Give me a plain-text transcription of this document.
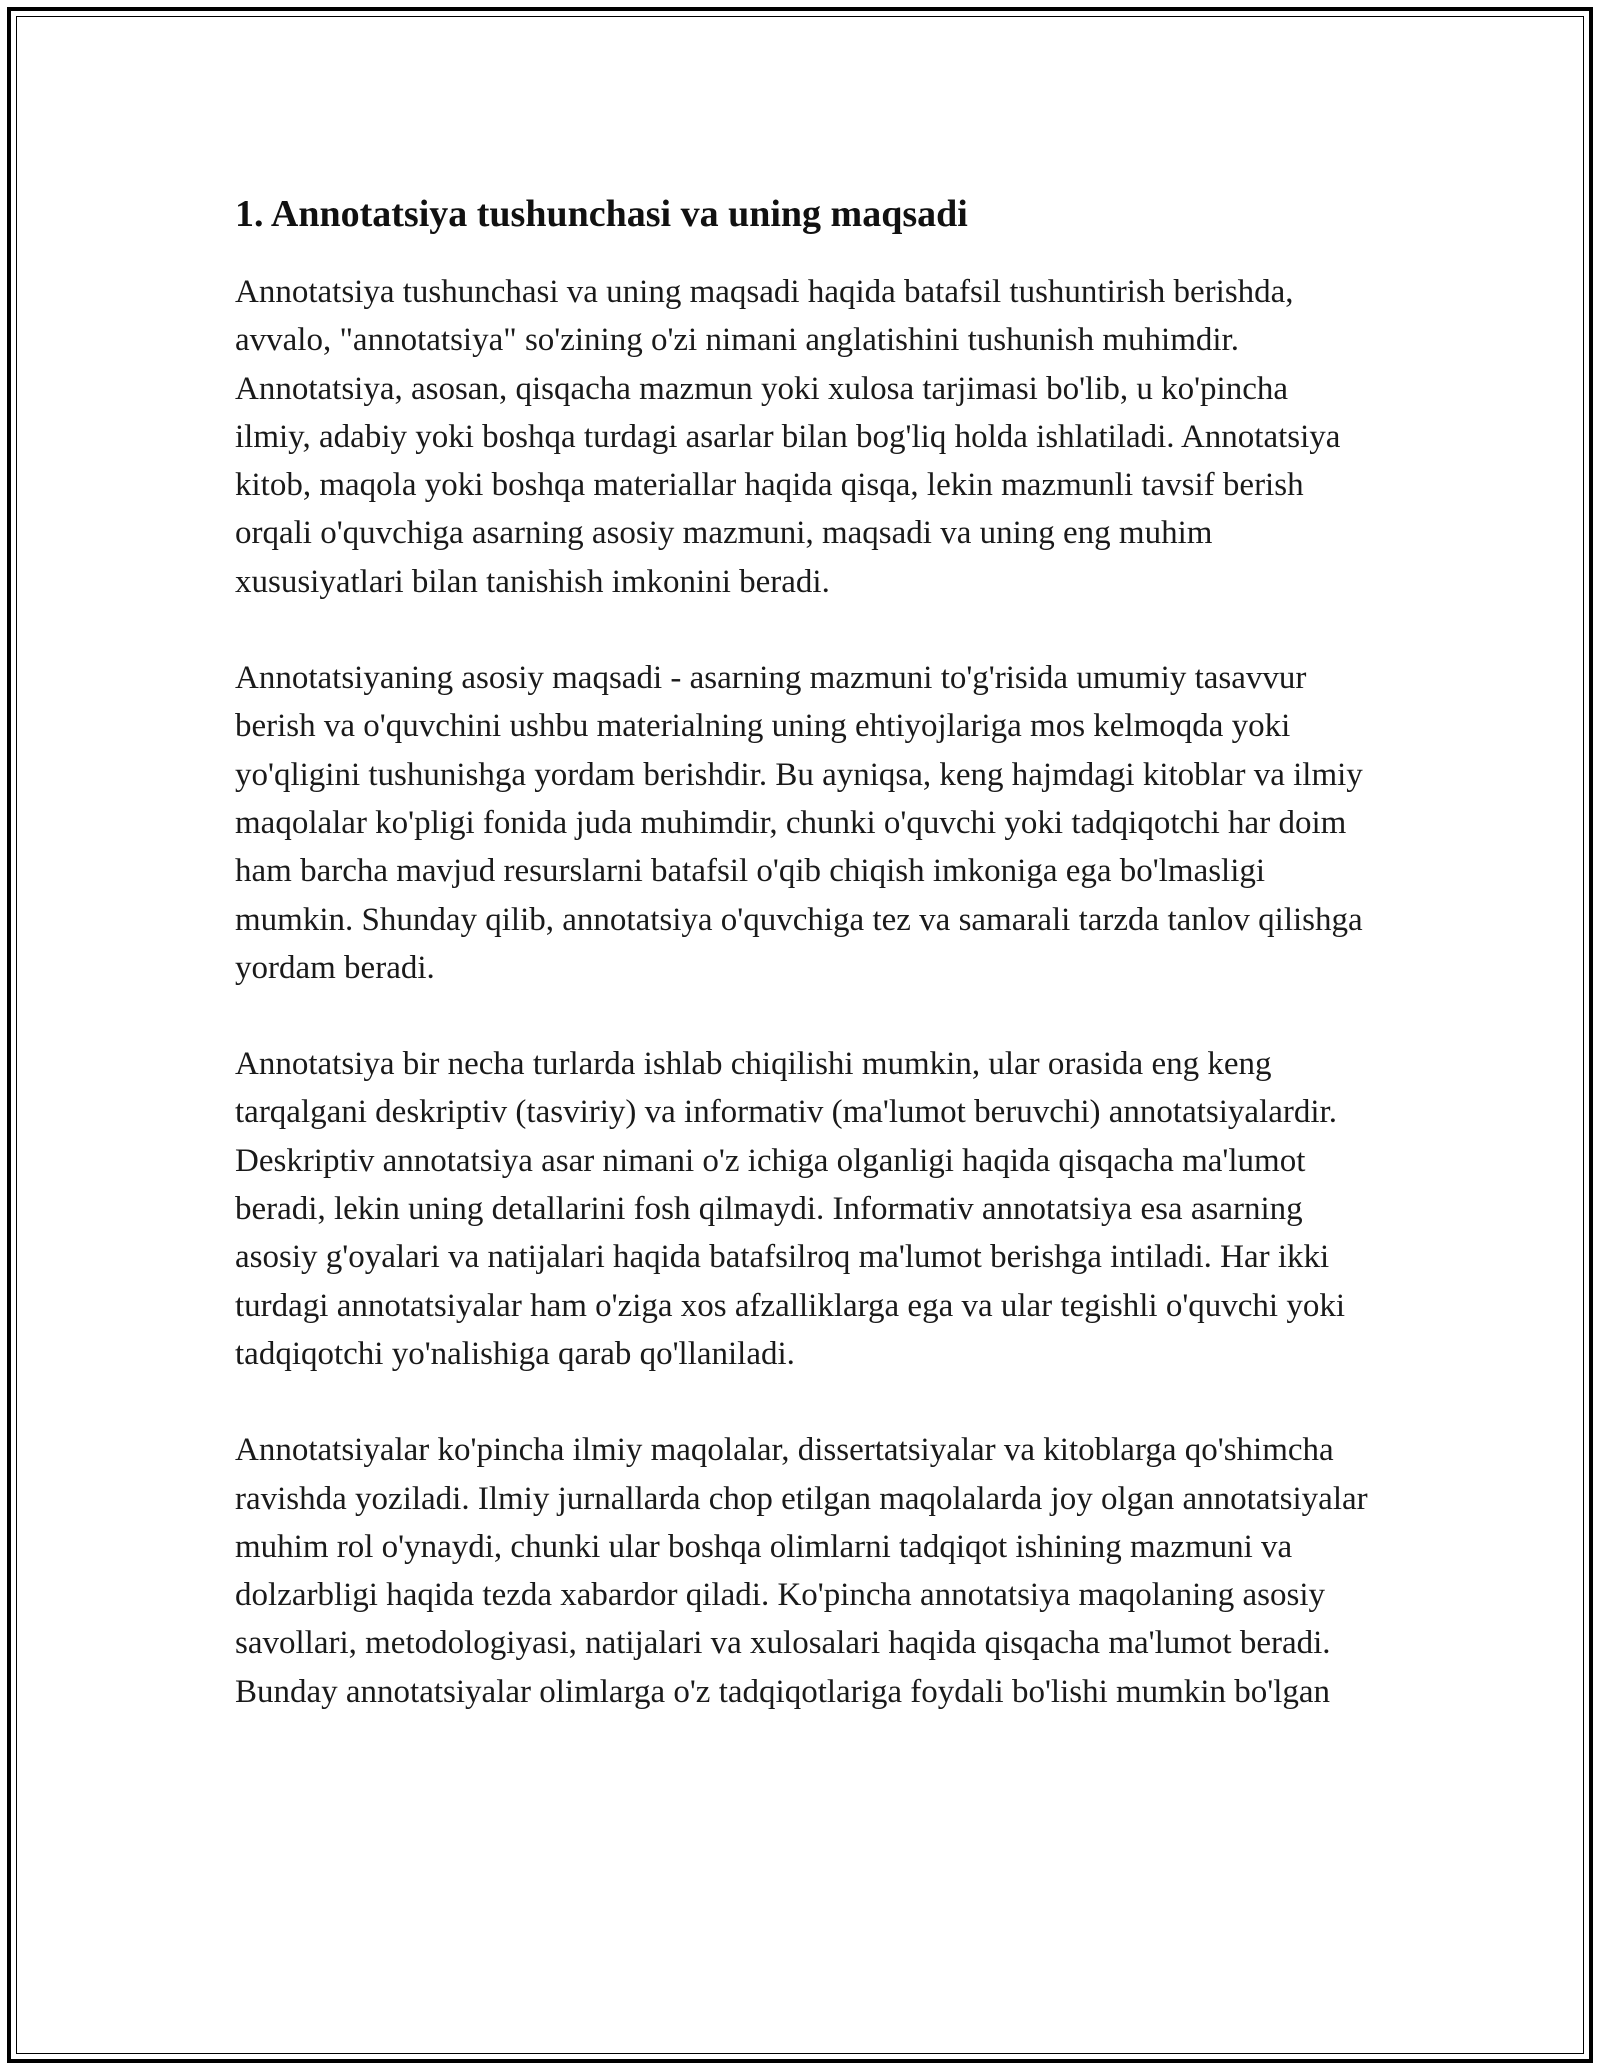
1. Annotatsiya tushunchasi va uning maqsadi

Annotatsiya tushunchasi va uning maqsadi haqida batafsil tushuntirish berishda, avvalo, "annotatsiya" so'zining o'zi nimani anglatishini tushunish muhimdir. Annotatsiya, asosan, qisqacha mazmun yoki xulosa tarjimasi bo'lib, u ko'pincha ilmiy, adabiy yoki boshqa turdagi asarlar bilan bog'liq holda ishlatiladi. Annotatsiya kitob, maqola yoki boshqa materiallar haqida qisqa, lekin mazmunli tavsif berish orqali o'quvchiga asarning asosiy mazmuni, maqsadi va uning eng muhim xususiyatlari bilan tanishish imkonini beradi.

Annotatsiyaning asosiy maqsadi - asarning mazmuni to'g'risida umumiy tasavvur berish va o'quvchini ushbu materialning uning ehtiyojlariga mos kelmoqda yoki yo'qligini tushunishga yordam berishdir. Bu ayniqsa, keng hajmdagi kitoblar va ilmiy maqolalar ko'pligi fonida juda muhimdir, chunki o'quvchi yoki tadqiqotchi har doim ham barcha mavjud resurslarni batafsil o'qib chiqish imkoniga ega bo'lmasligi mumkin. Shunday qilib, annotatsiya o'quvchiga tez va samarali tarzda tanlov qilishga yordam beradi.

Annotatsiya bir necha turlarda ishlab chiqilishi mumkin, ular orasida eng keng tarqalgani deskriptiv (tasviriy) va informativ (ma'lumot beruvchi) annotatsiyalardir. Deskriptiv annotatsiya asar nimani o'z ichiga olganligi haqida qisqacha ma'lumot beradi, lekin uning detallarini fosh qilmaydi. Informativ annotatsiya esa asarning asosiy g'oyalari va natijalari haqida batafsilroq ma'lumot berishga intiladi. Har ikki turdagi annotatsiyalar ham o'ziga xos afzalliklarga ega va ular tegishli o'quvchi yoki tadqiqotchi yo'nalishiga qarab qo'llaniladi.

Annotatsiyalar ko'pincha ilmiy maqolalar, dissertatsiyalar va kitoblarga qo'shimcha ravishda yoziladi. Ilmiy jurnallarda chop etilgan maqolalarda joy olgan annotatsiyalar muhim rol o'ynaydi, chunki ular boshqa olimlarni tadqiqot ishining mazmuni va dolzarbligi haqida tezda xabardor qiladi. Ko'pincha annotatsiya maqolaning asosiy savollari, metodologiyasi, natijalari va xulosalari haqida qisqacha ma'lumot beradi. Bunday annotatsiyalar olimlarga o'z tadqiqotlariga foydali bo'lishi mumkin bo'lgan
